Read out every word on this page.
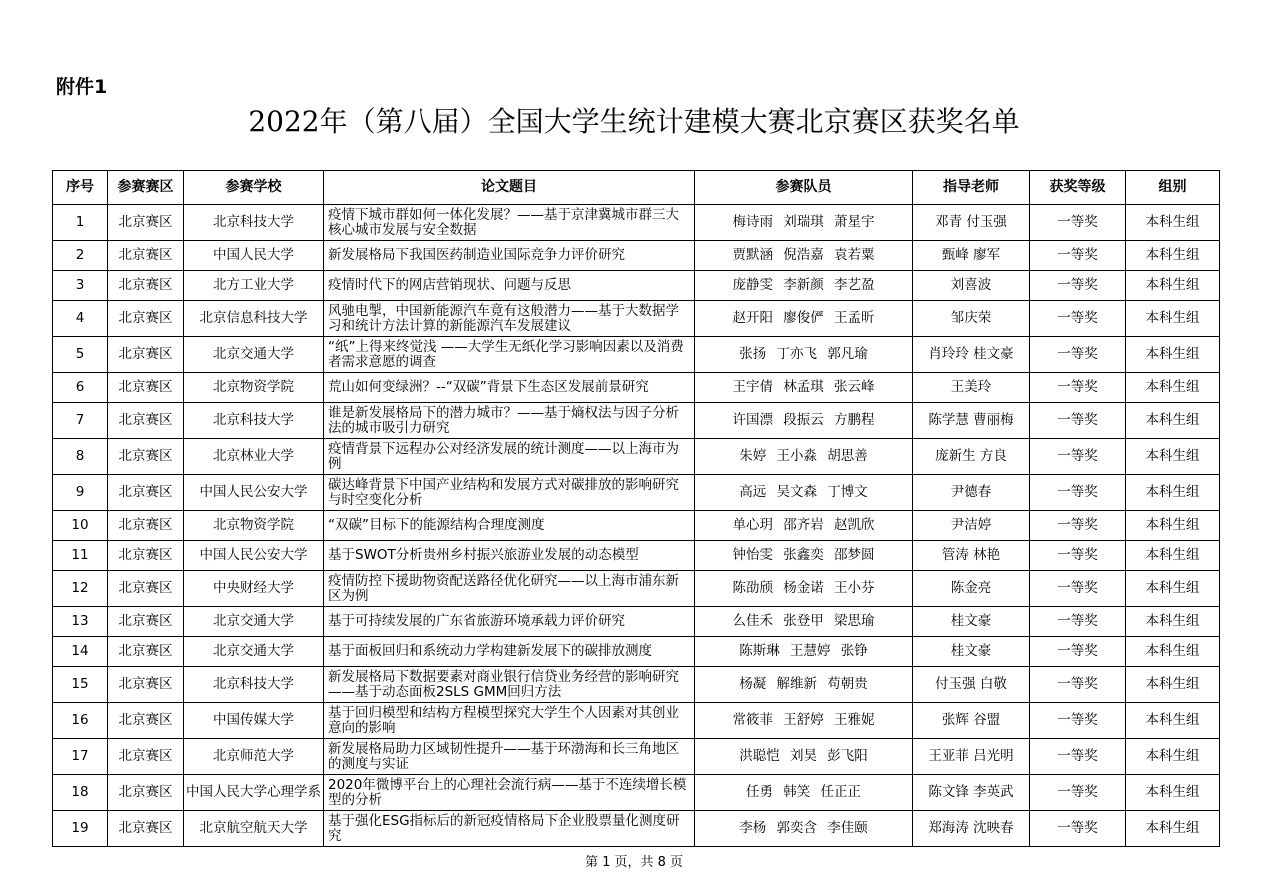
附件1
2022年（第八届）全国大学生统计建模大赛北京赛区获奖名单
序号	参赛赛区	参赛学校	论文题目	参赛队员	指导老师	获奖等级	组别
1	北京赛区	北京科技大学	疫情下城市群如何一体化发展？——基于京津冀城市群三大核心城市发展与安全数据	梅诗雨 刘瑞琪 萧星宇	邓青 付玉强	一等奖	本科生组
2	北京赛区	中国人民大学	新发展格局下我国医药制造业国际竞争力评价研究	贾默涵 倪浩嘉 袁若粟	甄峰 廖军	一等奖	本科生组
3	北京赛区	北方工业大学	疫情时代下的网店营销现状、问题与反思	庞静雯 李新颜 李艺盈	刘喜波	一等奖	本科生组
4	北京赛区	北京信息科技大学	风驰电掣，中国新能源汽车竟有这般潜力——基于大数据学习和统计方法计算的新能源汽车发展建议	赵开阳 廖俊俨 王孟昕	邹庆荣	一等奖	本科生组
5	北京赛区	北京交通大学	“纸”上得来终觉浅 ——大学生无纸化学习影响因素以及消费者需求意愿的调查	张扬 丁亦飞 郭凡瑜	肖玲玲 桂文豪	一等奖	本科生组
6	北京赛区	北京物资学院	荒山如何变绿洲？--“双碳”背景下生态区发展前景研究	王宇倩 林孟琪 张云峰	王美玲	一等奖	本科生组
7	北京赛区	北京科技大学	谁是新发展格局下的潜力城市？——基于熵权法与因子分析法的城市吸引力研究	许国漂 段振云 方鹏程	陈学慧 曹丽梅	一等奖	本科生组
8	北京赛区	北京林业大学	疫情背景下远程办公对经济发展的统计测度——以上海市为例	朱婷 王小淼 胡思善	庞新生 方良	一等奖	本科生组
9	北京赛区	中国人民公安大学	碳达峰背景下中国产业结构和发展方式对碳排放的影响研究与时空变化分析	高远 吴文森 丁博文	尹德春	一等奖	本科生组
10	北京赛区	北京物资学院	“双碳”目标下的能源结构合理度测度	单心玥 邵齐岩 赵凯欣	尹洁婷	一等奖	本科生组
11	北京赛区	中国人民公安大学	基于SWOT分析贵州乡村振兴旅游业发展的动态模型	钟怡雯 张鑫奕 邵梦圆	管涛 林艳	一等奖	本科生组
12	北京赛区	中央财经大学	疫情防控下援助物资配送路径优化研究——以上海市浦东新区为例	陈劭颀 杨金诺 王小芬	陈金亮	一等奖	本科生组
13	北京赛区	北京交通大学	基于可持续发展的广东省旅游环境承载力评价研究	么佳禾 张登甲 梁思瑜	桂文豪	一等奖	本科生组
14	北京赛区	北京交通大学	基于面板回归和系统动力学构建新发展下的碳排放测度	陈斯琳 王慧婷 张铮	桂文豪	一等奖	本科生组
15	北京赛区	北京科技大学	新发展格局下数据要素对商业银行信贷业务经营的影响研究——基于动态面板2SLS GMM回归方法	杨凝 解维新 苟朝贵	付玉强 白敬	一等奖	本科生组
16	北京赛区	中国传媒大学	基于回归模型和结构方程模型探究大学生个人因素对其创业意向的影响	常筱菲 王舒婷 王雅妮	张辉 谷盟	一等奖	本科生组
17	北京赛区	北京师范大学	新发展格局助力区域韧性提升——基于环渤海和长三角地区的测度与实证	洪聪恺 刘昊 彭飞阳	王亚菲 吕光明	一等奖	本科生组
18	北京赛区	中国人民大学心理学系	2020年微博平台上的心理社会流行病——基于不连续增长模型的分析	任勇 韩笑 任正正	陈文锋 李英武	一等奖	本科生组
19	北京赛区	北京航空航天大学	基于强化ESG指标后的新冠疫情格局下企业股票量化测度研究	李杨 郭奕含 李佳颐	郑海涛 沈映春	一等奖	本科生组
第 1 页，共 8 页
